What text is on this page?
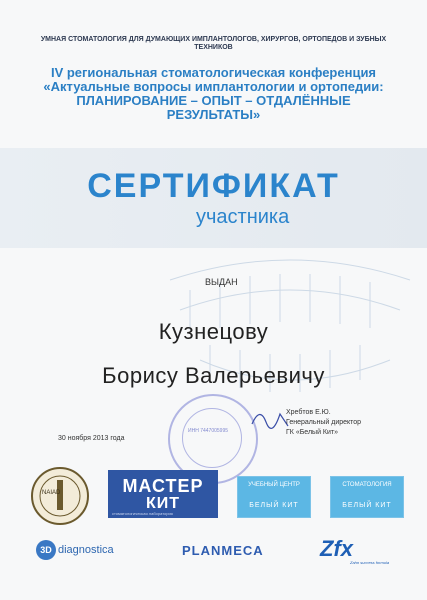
УМНАЯ СТОМАТОЛОГИЯ ДЛЯ ДУМАЮЩИХ ИМПЛАНТОЛОГОВ, ХИРУРГОВ, ОРТОПЕДОВ И ЗУБНЫХ ТЕХНИКОВ
IV региональная стоматологическая конференция
«Актуальные вопросы имплантологии и ортопедии:
ПЛАНИРОВАНИЕ – ОПЫТ – ОТДАЛЁННЫЕ
РЕЗУЛЬТАТЫ»
СЕРТИФИКАТ
участника
ВЫДАН
Кузнецову
Борису Валерьевичу
ИНН 7447005995
30 ноября 2013 года
Хребтов Е.Ю.
Генеральный директор
ГК «Белый Кит»
NAIAD	МАСТЕР
КИТ
стоматологическая лаборатория
УЧЕБНЫЙ ЦЕНТР
БЕЛЫЙ КИТ
СТОМАТОЛОГИЯ
БЕЛЫЙ КИТ
3D diagnostica	PLANMECA	Zfx
Zahn success formula
